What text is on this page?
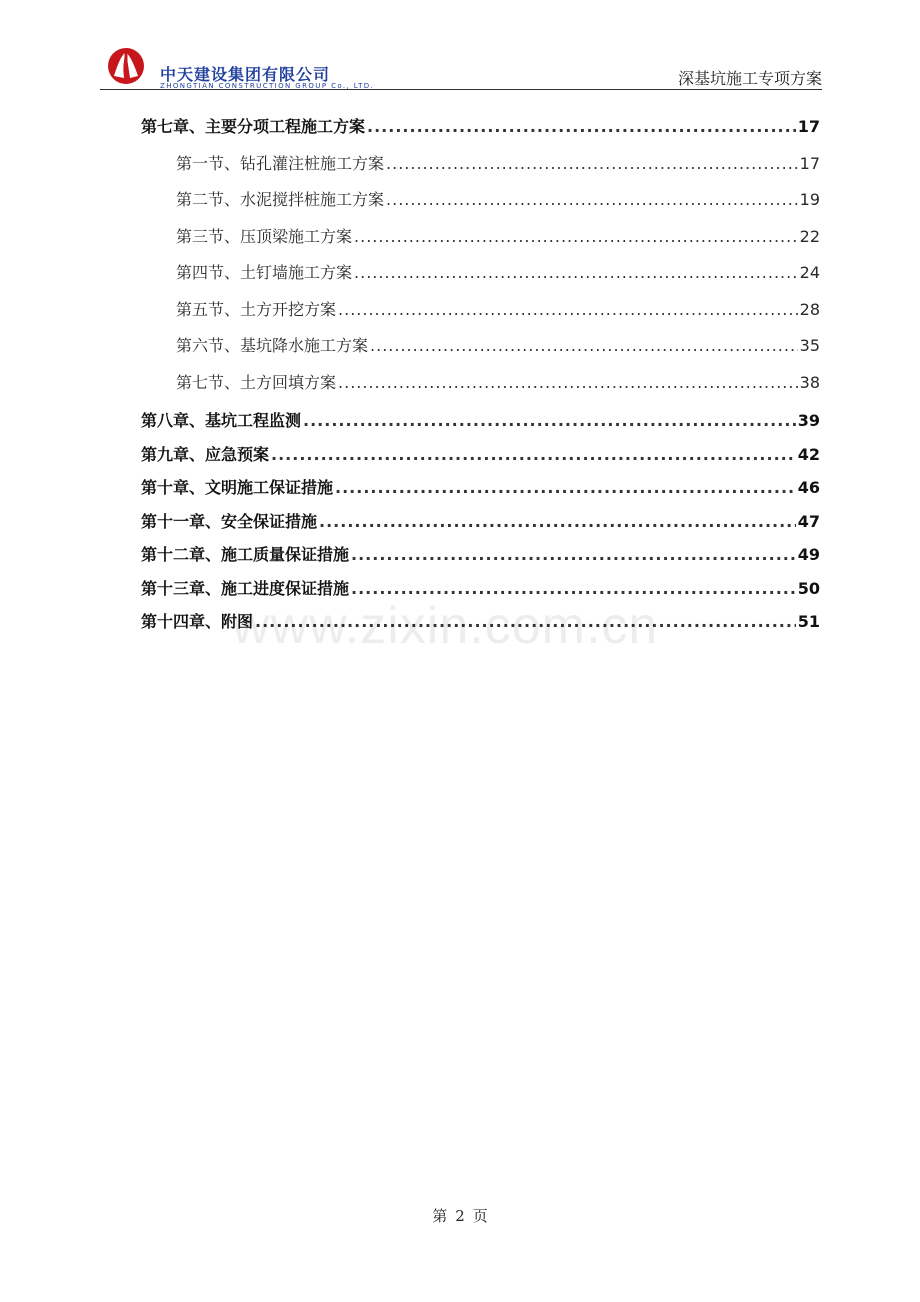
中天建设集团有限公司
ZHONGTIAN CONSTRUCTION GROUP Co., LTD.	深基坑施工专项方案
第七章、主要分项工程施工方案 .....	17
第一节、钻孔灌注桩施工方案 .....	17
第二节、水泥搅拌桩施工方案 .....	19
第三节、压顶梁施工方案 .....	22
第四节、土钉墙施工方案 .....	24
第五节、土方开挖方案 .....	28
第六节、基坑降水施工方案 .....	35
第七节、土方回填方案 .....	38
第八章、基坑工程监测 .....	39
第九章、应急预案 .....	42
第十章、文明施工保证措施 .....	46
第十一章、安全保证措施 .....	47
第十二章、施工质量保证措施 .....	49
第十三章、施工进度保证措施 .....	50
第十四章、附图 .....	51
www.zixin.com.cn
第 2 页
